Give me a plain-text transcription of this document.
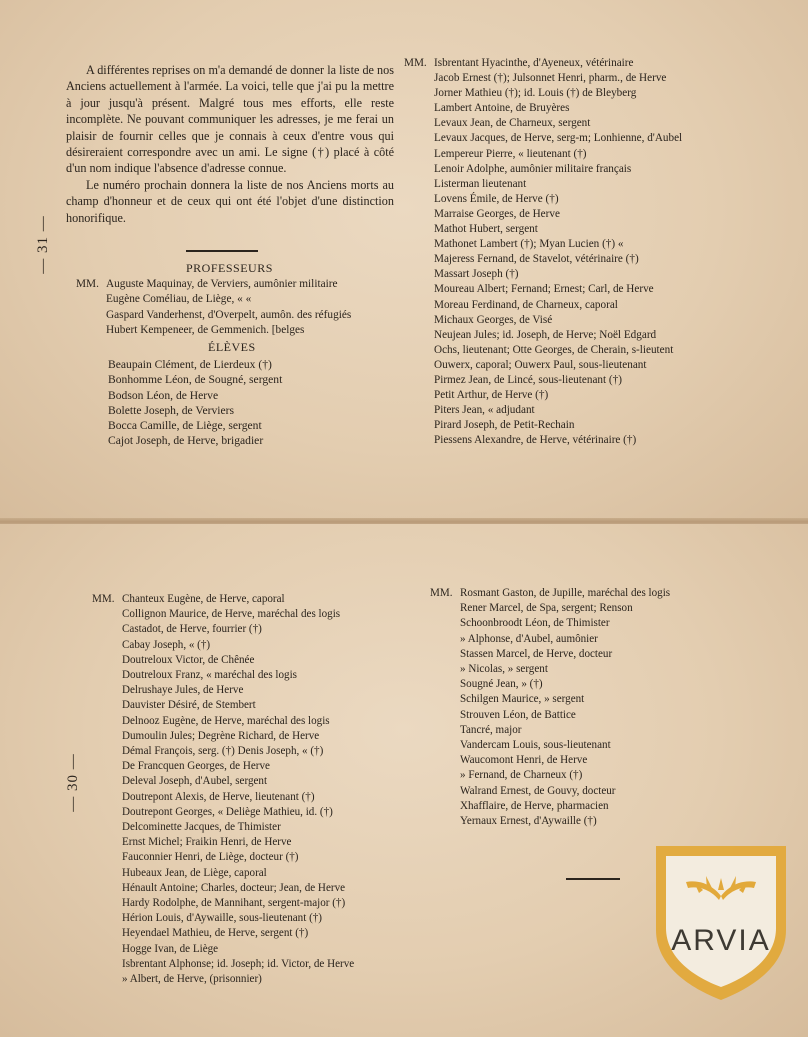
— 31 —

A différentes reprises on m'a demandé de donner la liste de nos Anciens actuellement à l'armée. La voici, telle que j'ai pu la mettre à jour jusqu'à présent. Malgré tous mes efforts, elle reste incomplète. Ne pouvant communiquer les adresses, je me ferai un plaisir de fournir celles que je connais à ceux d'entre vous qui désireraient correspondre avec un ami. Le signe (†) placé à côté d'un nom indique l'absence d'adresse connue.

Le numéro prochain donnera la liste de nos Anciens morts au champ d'honneur et de ceux qui ont été l'objet d'une distinction honorifique.

PROFESSEURS
MM. Auguste Maquinay, de Verviers, aumônier militaire
Eugène Coméliau, de Liège, « «
Gaspard Vanderhenst, d'Overpelt, aumôn. des réfugiés
Hubert Kempeneer, de Gemmenich. [belges
ÉLÈVES
Beaupain Clément, de Lierdeux (†)
Bonhomme Léon, de Sougné, sergent
Bodson Léon, de Herve
Bolette Joseph, de Verviers
Bocca Camille, de Liège, sergent
Cajot Joseph, de Herve, brigadier
MM. Isbrentant Hyacinthe, d'Ayeneux, vétérinaire
Jacob Ernest (†); Julsonnet Henri, pharm., de Herve
Jorner Mathieu (†); id. Louis (†) de Bleyberg
Lambert Antoine, de Bruyères
Levaux Jean, de Charneux, sergent
Levaux Jacques, de Herve, serg-m; Lonhienne, d'Aubel
Lempereur Pierre, « lieutenant (†)
Lenoir Adolphe, aumônier militaire français
Listerman lieutenant
Lovens Émile, de Herve (†)
Marraise Georges, de Herve
Mathot Hubert, sergent
Mathonet Lambert (†); Myan Lucien (†) «
Majeress Fernand, de Stavelot, vétérinaire (†)
Massart Joseph (†)
Moureau Albert; Fernand; Ernest; Carl, de Herve
Moreau Ferdinand, de Charneux, caporal
Michaux Georges, de Visé
Neujean Jules; id. Joseph, de Herve; Noël Edgard
Ochs, lieutenant; Otte Georges, de Cherain, s-lieutent
Ouwerx, caporal; Ouwerx Paul, sous-lieutenant
Pirmez Jean, de Lincé, sous-lieutenant (†)
Petit Arthur, de Herve (†)
Piters Jean, « adjudant
Pirard Joseph, de Petit-Rechain
Piessens Alexandre, de Herve, vétérinaire (†)
— 30 —
MM. Chanteux Eugène, de Herve, caporal
Collignon Maurice, de Herve, maréchal des logis
Castadot, de Herve, fourrier (†)
Cabay Joseph, « (†)
Doutreloux Victor, de Chênée
Doutreloux Franz, « maréchal des logis
Delrushaye Jules, de Herve
Dauvister Désiré, de Stembert
Delnooz Eugène, de Herve, maréchal des logis
Dumoulin Jules; Degrène Richard, de Herve
Démal François, serg. (†) Denis Joseph, « (†)
De Francquen Georges, de Herve
Deleval Joseph, d'Aubel, sergent
Doutrepont Alexis, de Herve, lieutenant (†)
Doutrepont Georges, « Deliège Mathieu, id. (†)
Delcominette Jacques, de Thimister
Ernst Michel; Fraikin Henri, de Herve
Fauconnier Henri, de Liège, docteur (†)
Hubeaux Jean, de Liège, caporal
Hénault Antoine; Charles, docteur; Jean, de Herve
Hardy Rodolphe, de Mannihant, sergent-major (†)
Hérion Louis, d'Aywaille, sous-lieutenant (†)
Heyendael Mathieu, de Herve, sergent (†)
Hogge Ivan, de Liège
Isbrentant Alphonse; id. Joseph; id. Victor, de Herve
» Albert, de Herve, (prisonnier)
MM. Rosmant Gaston, de Jupille, maréchal des logis
Rener Marcel, de Spa, sergent; Renson
Schoonbroodt Léon, de Thimister
» Alphonse, d'Aubel, aumônier
Stassen Marcel, de Herve, docteur
» Nicolas, » sergent
Sougné Jean, » (†)
Schilgen Maurice, » sergent
Strouven Léon, de Battice
Tancré, major
Vandercam Louis, sous-lieutenant
Waucomont Henri, de Herve
» Fernand, de Charneux (†)
Walrand Ernest, de Gouvy, docteur
Xhafflaire, de Herve, pharmacien
Yernaux Ernest, d'Aywaille (†)
ARVIA
